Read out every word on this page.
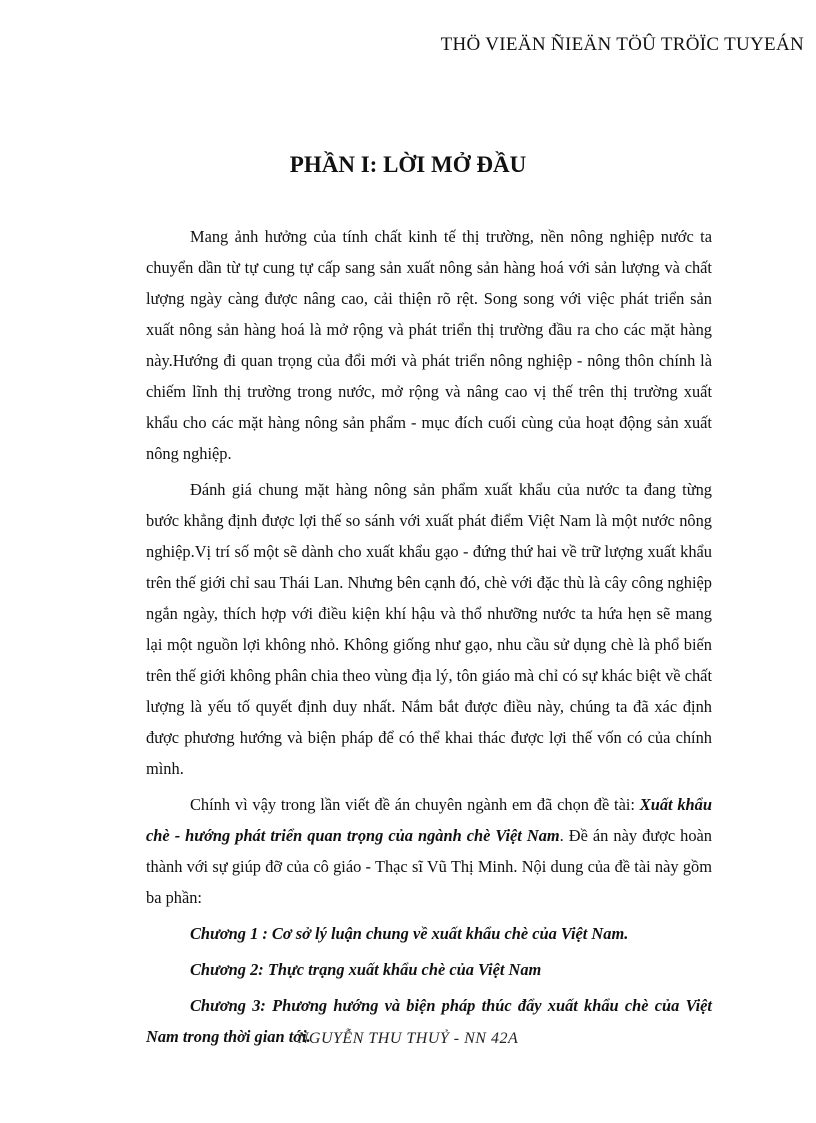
THÖ VIEÄN ÑIEÄN TÖÛ TRÖÏC TUYEÁN
PHẦN I: LỜI MỞ ĐẦU

Mang ảnh hưởng của tính chất kinh tế thị trường, nền nông nghiệp nước ta chuyển dần từ tự cung tự cấp sang sản xuất nông sản hàng hoá với sản lượng và chất lượng ngày càng được nâng cao, cải thiện rõ rệt. Song song với việc phát triển sản xuất nông sản hàng hoá là mở rộng và phát triển thị trường đầu ra cho các mặt hàng này.Hướng đi quan trọng của đổi mới và phát triển nông nghiệp - nông thôn chính là chiếm lĩnh thị trường trong nước, mở rộng và nâng cao vị thế trên thị trường xuất khẩu cho các mặt hàng nông sản phẩm - mục đích cuối cùng của hoạt động sản xuất nông nghiệp.

Đánh giá chung mặt hàng nông sản phẩm xuất khẩu của nước ta đang từng bước khẳng định được lợi thế so sánh với xuất phát điểm Việt Nam là một nước nông nghiệp.Vị trí số một sẽ dành cho xuất khẩu gạo - đứng thứ hai về trữ lượng xuất khẩu trên thế giới chỉ sau Thái Lan. Nhưng bên cạnh đó, chè với đặc thù là cây công nghiệp ngắn ngày, thích hợp với điều kiện khí hậu và thổ nhưỡng nước ta hứa hẹn sẽ mang lại một nguồn lợi không nhỏ. Không giống như gạo, nhu cầu sử dụng chè là phổ biến trên thế giới không phân chia theo vùng địa lý, tôn giáo mà chỉ có sự khác biệt về chất lượng là yếu tố quyết định duy nhất. Nắm bắt được điều này, chúng ta đã xác định được phương hướng và biện pháp để có thể khai thác được lợi thế vốn có của chính mình.

Chính vì vậy trong lần viết đề án chuyên ngành em đã chọn đề tài: Xuất khẩu chè - hướng phát triển quan trọng của ngành chè Việt Nam. Đề án này được hoàn thành với sự giúp đỡ của cô giáo - Thạc sĩ Vũ Thị Minh. Nội dung của đề tài này gồm ba phần:

Chương 1 : Cơ sở lý luận chung về xuất khẩu chè của Việt Nam.

Chương 2: Thực trạng xuất khẩu chè của Việt Nam

Chương 3: Phương hướng và biện pháp thúc đẩy xuất khẩu chè của Việt Nam trong thời gian tới.

NGUYỄN THU THUỶ - NN 42A
